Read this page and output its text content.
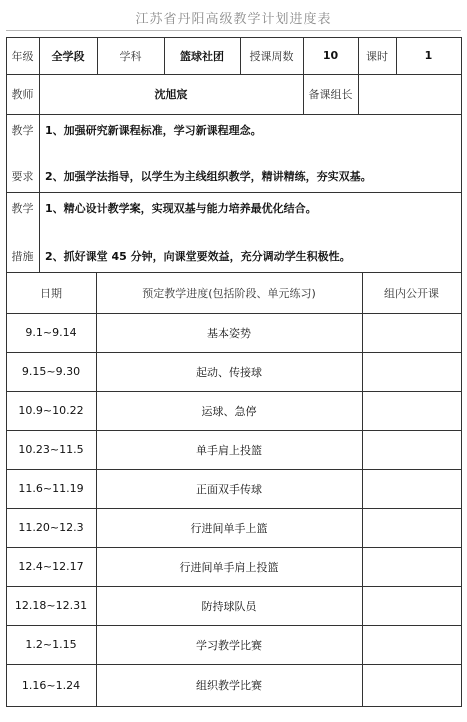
江苏省丹阳高级教学计划进度表
年级	全学段	学科	篮球社团	授课周数	10	课时	1
教师	沈旭宸	备课组长
教学
要求
1、加强研究新课程标准，学习新课程理念。
2、加强学法指导，以学生为主线组织教学，精讲精练，夯实双基。
教学
措施
1、精心设计教学案，实现双基与能力培养最优化结合。
2、抓好课堂 45 分钟，向课堂要效益，充分调动学生积极性。
日期	预定教学进度(包括阶段、单元练习)	组内公开课
9.1~9.14	基本姿势
9.15~9.30	起动、传接球
10.9~10.22	运球、急停
10.23~11.5	单手肩上投篮
11.6~11.19	正面双手传球
11.20~12.3	行进间单手上篮
12.4~12.17	行进间单手肩上投篮
12.18~12.31	防持球队员
1.2~1.15	学习教学比赛
1.16~1.24	组织教学比赛
